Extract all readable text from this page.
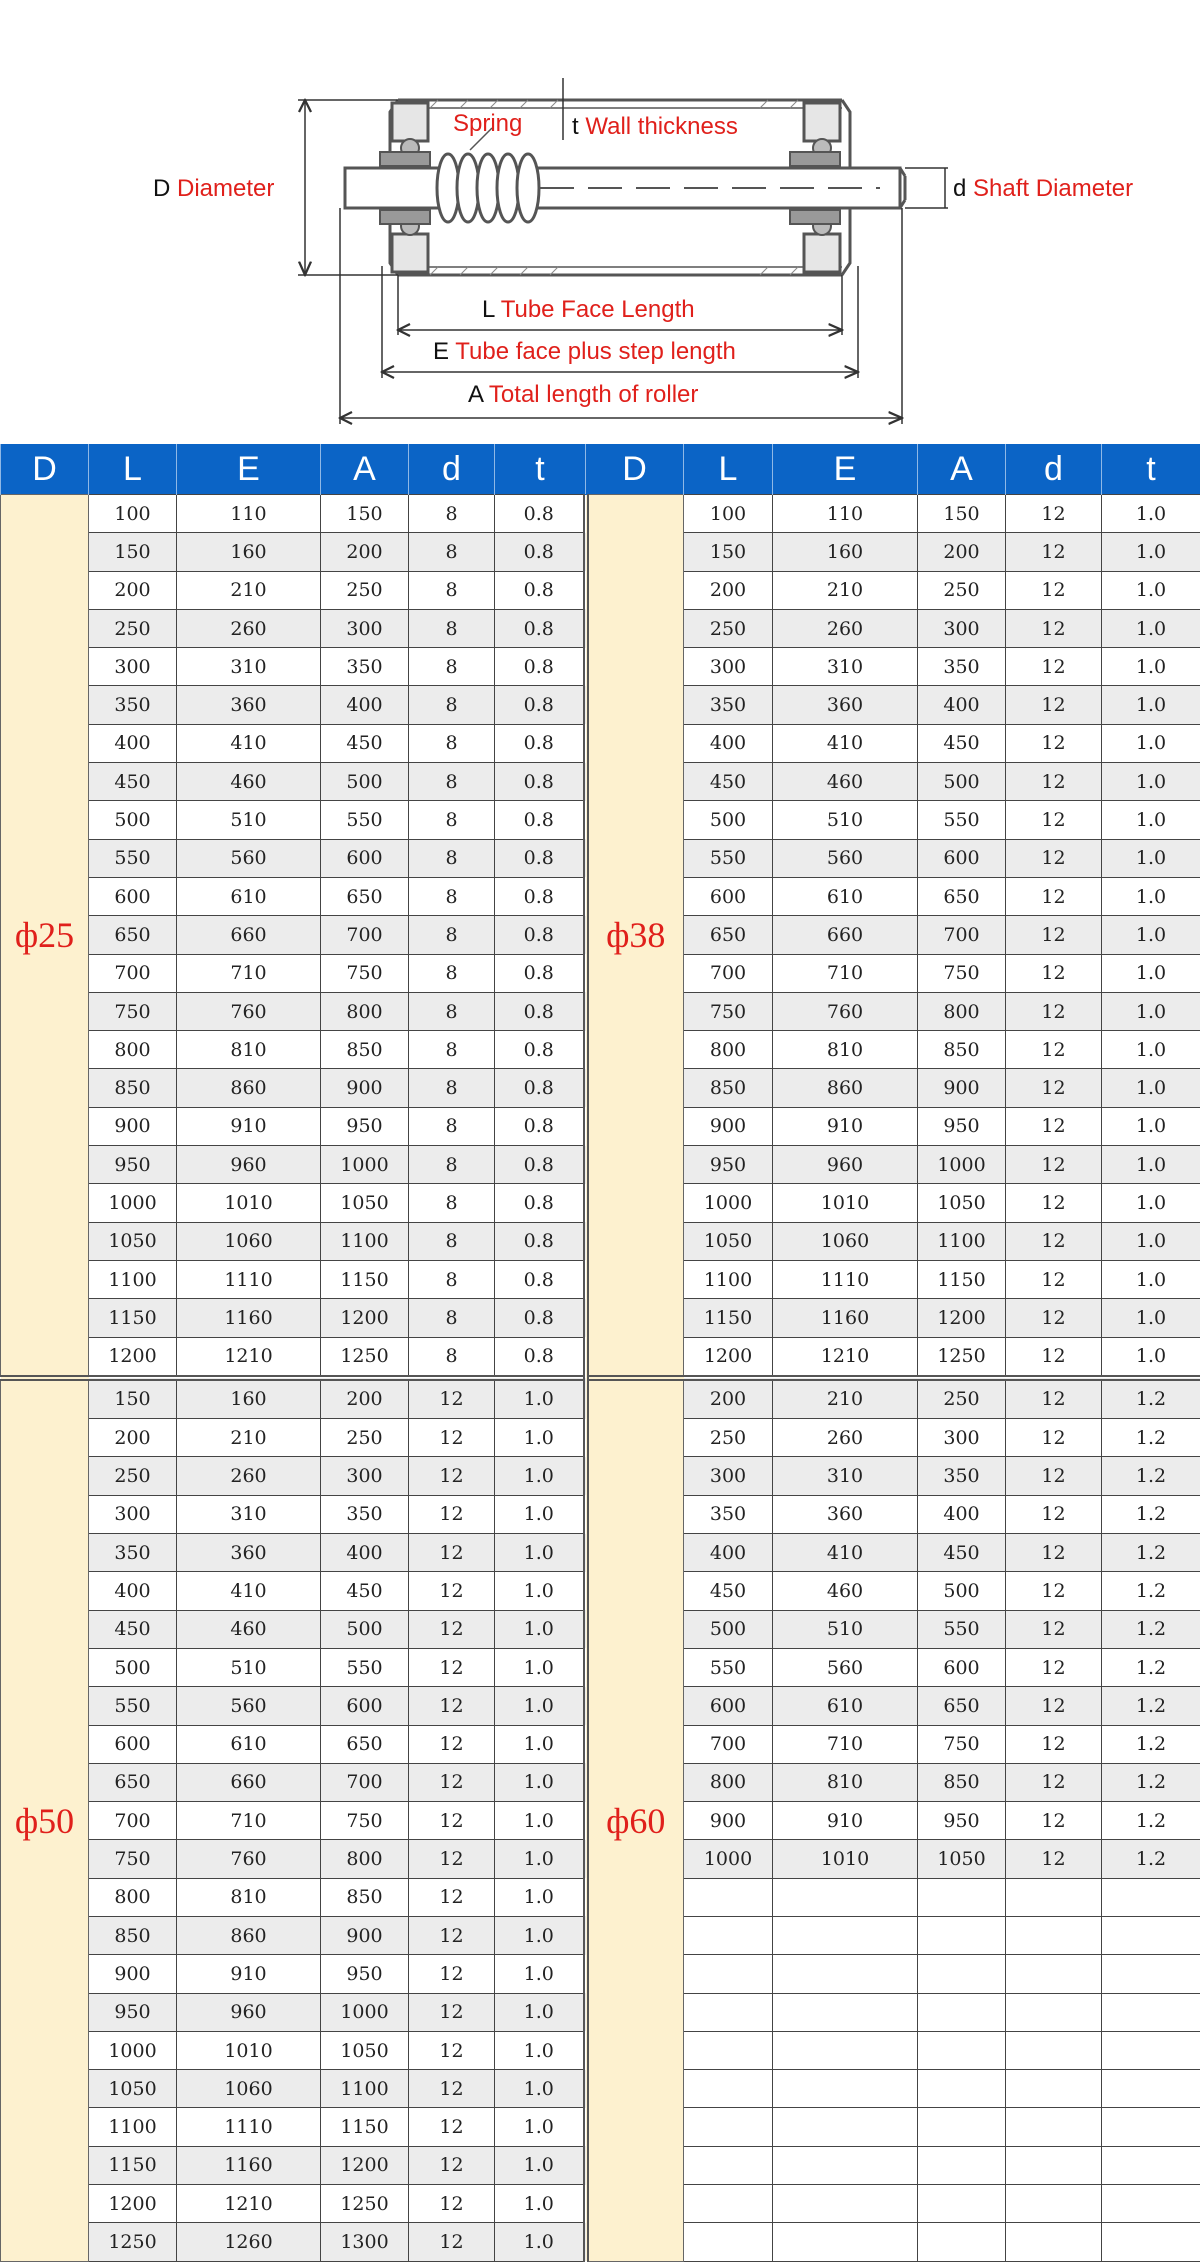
Spring t Wall thickness
D Diameter	d Shaft Diameter
L Tube Face Length
E Tube face plus step length
A Total length of roller
D	L	E	A	d	t	D	L	E	A	d	t
ф25	100	110	150	8	0.8	ф38	100	110	150	12	1.0
	150	160	200	8	0.8		150	160	200	12	1.0
	200	210	250	8	0.8		200	210	250	12	1.0
	250	260	300	8	0.8		250	260	300	12	1.0
	300	310	350	8	0.8		300	310	350	12	1.0
	350	360	400	8	0.8		350	360	400	12	1.0
	400	410	450	8	0.8		400	410	450	12	1.0
	450	460	500	8	0.8		450	460	500	12	1.0
	500	510	550	8	0.8		500	510	550	12	1.0
	550	560	600	8	0.8		550	560	600	12	1.0
	600	610	650	8	0.8		600	610	650	12	1.0
	650	660	700	8	0.8		650	660	700	12	1.0
	700	710	750	8	0.8		700	710	750	12	1.0
	750	760	800	8	0.8		750	760	800	12	1.0
	800	810	850	8	0.8		800	810	850	12	1.0
	850	860	900	8	0.8		850	860	900	12	1.0
	900	910	950	8	0.8		900	910	950	12	1.0
	950	960	1000	8	0.8		950	960	1000	12	1.0
	1000	1010	1050	8	0.8		1000	1010	1050	12	1.0
	1050	1060	1100	8	0.8		1050	1060	1100	12	1.0
	1100	1110	1150	8	0.8		1100	1110	1150	12	1.0
	1150	1160	1200	8	0.8		1150	1160	1200	12	1.0
	1200	1210	1250	8	0.8		1200	1210	1250	12	1.0
ф50	150	160	200	12	1.0	ф60	200	210	250	12	1.2
	200	210	250	12	1.0		250	260	300	12	1.2
	250	260	300	12	1.0		300	310	350	12	1.2
	300	310	350	12	1.0		350	360	400	12	1.2
	350	360	400	12	1.0		400	410	450	12	1.2
	400	410	450	12	1.0		450	460	500	12	1.2
	450	460	500	12	1.0		500	510	550	12	1.2
	500	510	550	12	1.0		550	560	600	12	1.2
	550	560	600	12	1.0		600	610	650	12	1.2
	600	610	650	12	1.0		700	710	750	12	1.2
	650	660	700	12	1.0		800	810	850	12	1.2
	700	710	750	12	1.0		900	910	950	12	1.2
	750	760	800	12	1.0		1000	1010	1050	12	1.2
	800	810	850	12	1.0						
	850	860	900	12	1.0						
	900	910	950	12	1.0						
	950	960	1000	12	1.0						
	1000	1010	1050	12	1.0						
	1050	1060	1100	12	1.0						
	1100	1110	1150	12	1.0						
	1150	1160	1200	12	1.0						
	1200	1210	1250	12	1.0						
	1250	1260	1300	12	1.0						
